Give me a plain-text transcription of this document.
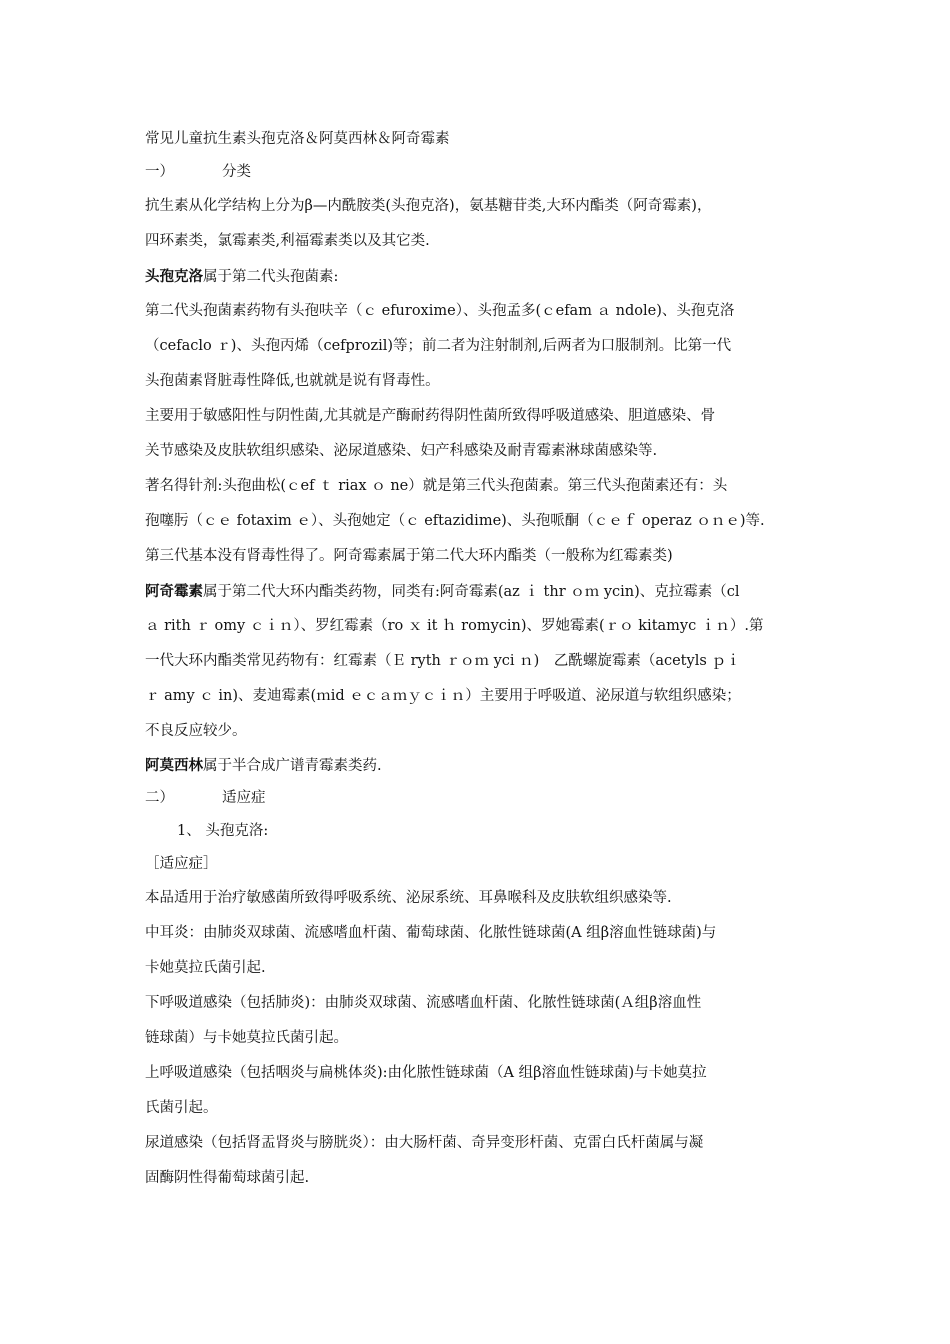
常见儿童抗生素头孢克洛＆阿莫西林＆阿奇霉素
一）	分类
抗生素从化学结构上分为β—内酰胺类(头孢克洛)，氨基糖苷类,大环内酯类（阿奇霉素)，
四环素类，氯霉素类,利福霉素类以及其它类.
头孢克洛属于第二代头孢菌素:
第二代头孢菌素药物有头孢呋辛（ｃ efuroxime）、头孢孟多(ｃefam ａ ndole)、头孢克洛
（cefaclo ｒ)、头孢丙烯（cefprozil)等；前二者为注射制剂,后两者为口服制剂。比第一代
头孢菌素肾脏毒性降低,也就就是说有肾毒性。
主要用于敏感阳性与阴性菌,尤其就是产酶耐药得阴性菌所致得呼吸道感染、胆道感染、骨
关节感染及皮肤软组织感染、泌尿道感染、妇产科感染及耐青霉素淋球菌感染等.
著名得针剂:头孢曲松(ｃef ｔ riax ｏ ne）就是第三代头孢菌素。第三代头孢菌素还有：头
孢噻肟（ｃｅ fotaxim ｅ）、头孢她定（ｃ eftazidime)、头孢哌酮（ｃｅｆ operaz ｏｎｅ)等.
第三代基本没有肾毒性得了。阿奇霉素属于第二代大环内酯类（一般称为红霉素类)
阿奇霉素属于第二代大环内酯类药物，同类有:阿奇霉素(az ｉ thr ｏｍ ycin)、克拉霉素（cl
ａ rith ｒ omy ｃｉｎ）、罗红霉素（ro ｘ it ｈ romycin)、罗她霉素(ｒｏ kitamyc ｉｎ）.第
一代大环内酯类常见药物有：红霉素（Ｅ ryth ｒｏｍ yci ｎ)　乙酰螺旋霉素（acetyls ｐｉ
ｒ amy ｃ in)、麦迪霉素(ｍid ｅｃａｍｙｃｉｎ）主要用于呼吸道、泌尿道与软组织感染；
不良反应较少。
阿莫西林属于半合成广谱青霉素类药.
二）	适应症
1、 头孢克洛:
［适应症］
本品适用于治疗敏感菌所致得呼吸系统、泌尿系统、耳鼻喉科及皮肤软组织感染等.
中耳炎：由肺炎双球菌、流感嗜血杆菌、葡萄球菌、化脓性链球菌(A 组β溶血性链球菌)与
卡她莫拉氏菌引起.
下呼吸道感染（包括肺炎)：由肺炎双球菌、流感嗜血杆菌、化脓性链球菌(Ａ组β溶血性
链球菌）与卡她莫拉氏菌引起。
上呼吸道感染（包括咽炎与扁桃体炎):由化脓性链球菌（A 组β溶血性链球菌)与卡她莫拉
氏菌引起。
尿道感染（包括肾盂肾炎与膀胱炎）：由大肠杆菌、奇异变形杆菌、克雷白氏杆菌属与凝
固酶阴性得葡萄球菌引起.
